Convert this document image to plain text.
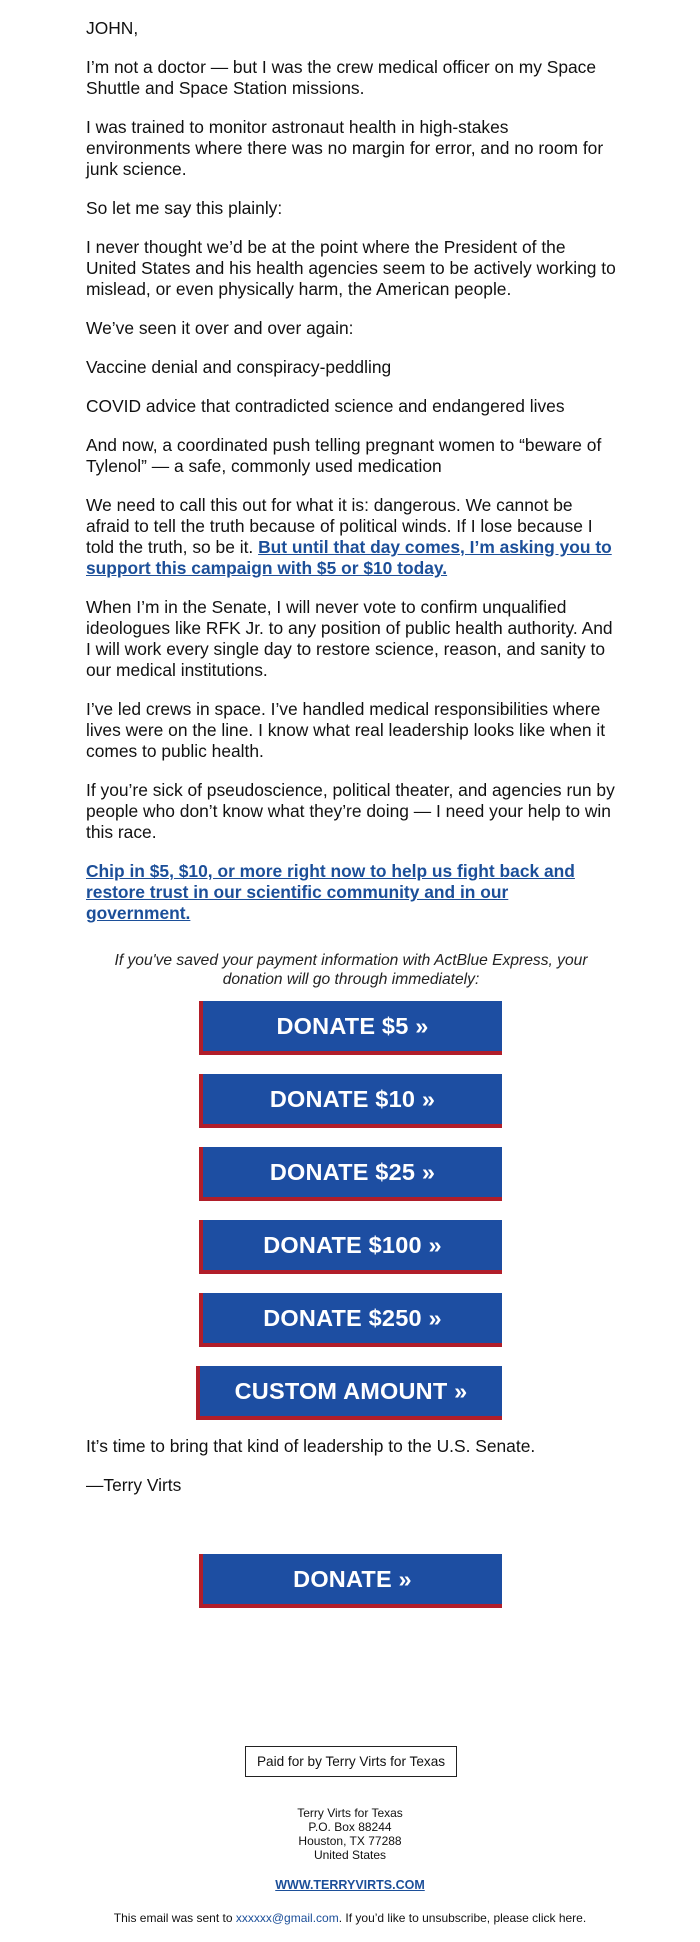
JOHN,

I’m not a doctor — but I was the crew medical officer on my Space Shuttle and Space Station missions.

I was trained to monitor astronaut health in high-stakes environments where there was no margin for error, and no room for junk science.

So let me say this plainly:

I never thought we’d be at the point where the President of the United States and his health agencies seem to be actively working to mislead, or even physically harm, the American people.

We’ve seen it over and over again:

Vaccine denial and conspiracy-peddling

COVID advice that contradicted science and endangered lives

And now, a coordinated push telling pregnant women to “beware of Tylenol” — a safe, commonly used medication

We need to call this out for what it is: dangerous. We cannot be afraid to tell the truth because of political winds. If I lose because I told the truth, so be it. But until that day comes, I’m asking you to support this campaign with $5 or $10 today.

When I’m in the Senate, I will never vote to confirm unqualified ideologues like RFK Jr. to any position of public health authority. And I will work every single day to restore science, reason, and sanity to our medical institutions.

I’ve led crews in space. I’ve handled medical responsibilities where lives were on the line. I know what real leadership looks like when it comes to public health.

If you’re sick of pseudoscience, political theater, and agencies run by people who don’t know what they’re doing — I need your help to win this race.

Chip in $5, $10, or more right now to help us fight back and restore trust in our scientific community and in our government.

If you've saved your payment information with ActBlue Express, your donation will go through immediately:
DONATE $5 »
DONATE $10 »
DONATE $25 »
DONATE $100 »
DONATE $250 »
CUSTOM AMOUNT »
It’s time to bring that kind of leadership to the U.S. Senate.
—Terry Virts
DONATE »
Paid for by Terry Virts for Texas
Terry Virts for Texas
P.O. Box 88244
Houston, TX 77288
United States
WWW.TERRYVIRTS.COM
This email was sent to xxxxxx@gmail.com. If you’d like to unsubscribe, please click here.
